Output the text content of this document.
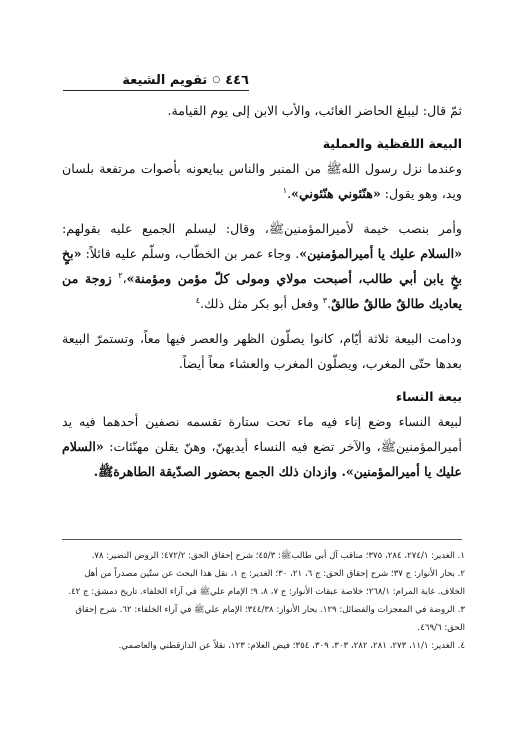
٤٤٦
○
تقويم الشيعة

ثمّ قال: ليبلغ الحاضر الغائب، والأب الابن إلى يوم القيامة.

البيعة اللفظية والعملية

وعندما نزل رسول اللهﷺ من المنبر والناس يبايعونه بأصوات مرتفعة بلسان ويد، وهو يقول: «هنّئوني هنّئوني».$^١$

وأمر بنصب خيمة لأميرالمؤمنينﷺ، وقال: ليسلم الجميع عليه بقولهم: «السلام عليك يا أميرالمؤمنين». وجاء عمر بن الخطّاب، وسلّم عليه قائلاً: «بخٍ بخٍ يابن أبي طالب، أصبحت مولاي ومولى كلّ مؤمن ومؤمنة»،$^٢$ زوجة من يعاديك طالقٌ طالقٌ طالقٌ.$^٣$ وفعل أبو بكر مثل ذلك.$^٤$

ودامت البيعة ثلاثة أيّام، كانوا يصلّون الظهر والعصر فيها معاً، وتستمرّ البيعة بعدها حتّى المغرب، ويصلّون المغرب والعشاء معاً أيضاً.

بيعة النساء

لبيعة النساء وضع إناء فيه ماء تحت ستارة تقسمه نصفين أحدهما فيه يد أميرالمؤمنينﷺ، والآخر تضع فيه النساء أيديهنّ، وهنّ يقلن مهنّئات: «السلام عليك يا أميرالمؤمنين». وازدان ذلك الجمع بحضور الصدّيقة الطاهرةﷺ.

١. الغدير: ٢٧٤/١، ٢٨٤، ٣٧٥؛ مناقب آل أبي طالبﷺ: ٤٥/٣؛ شرح إحقاق الحق: ٤٧٢/٢؛ الروض النضير: ٧٨.

٢. بحار الأنوار: ج ٣٧؛ شرح إحقاق الحق: ج ٦، ٢١، ٣٠؛ الغدير: ج ١، نقل هذا البحث عن ستّين مصدراً من أهل الخلاف. غاية المرام: ٢٦٨/١؛ خلاصة عبقات الأنوار: ج ٧، ٨، ٩؛ الإمام عليﷺ في آراء الخلفاء. تاريخ دمشق: ج ٤٢.

٣. الروضة في المعجزات والفضائل: ١٢٩. بحار الأنوار: ٣٤٤/٣٨؛ الإمام عليﷺ في آراء الخلفاء: ٦٢. شرح إحقاق الحق: ٤٦٩/٦.

٤. الغدير: ١١/١، ٢٧٣، ٢٨١، ٢٨٢، ٣٠٣، ٣٠٩، ٣٥٤؛ فيض العلام: ١٢٣، نقلاً عن الدارقطني والعاصمي.
